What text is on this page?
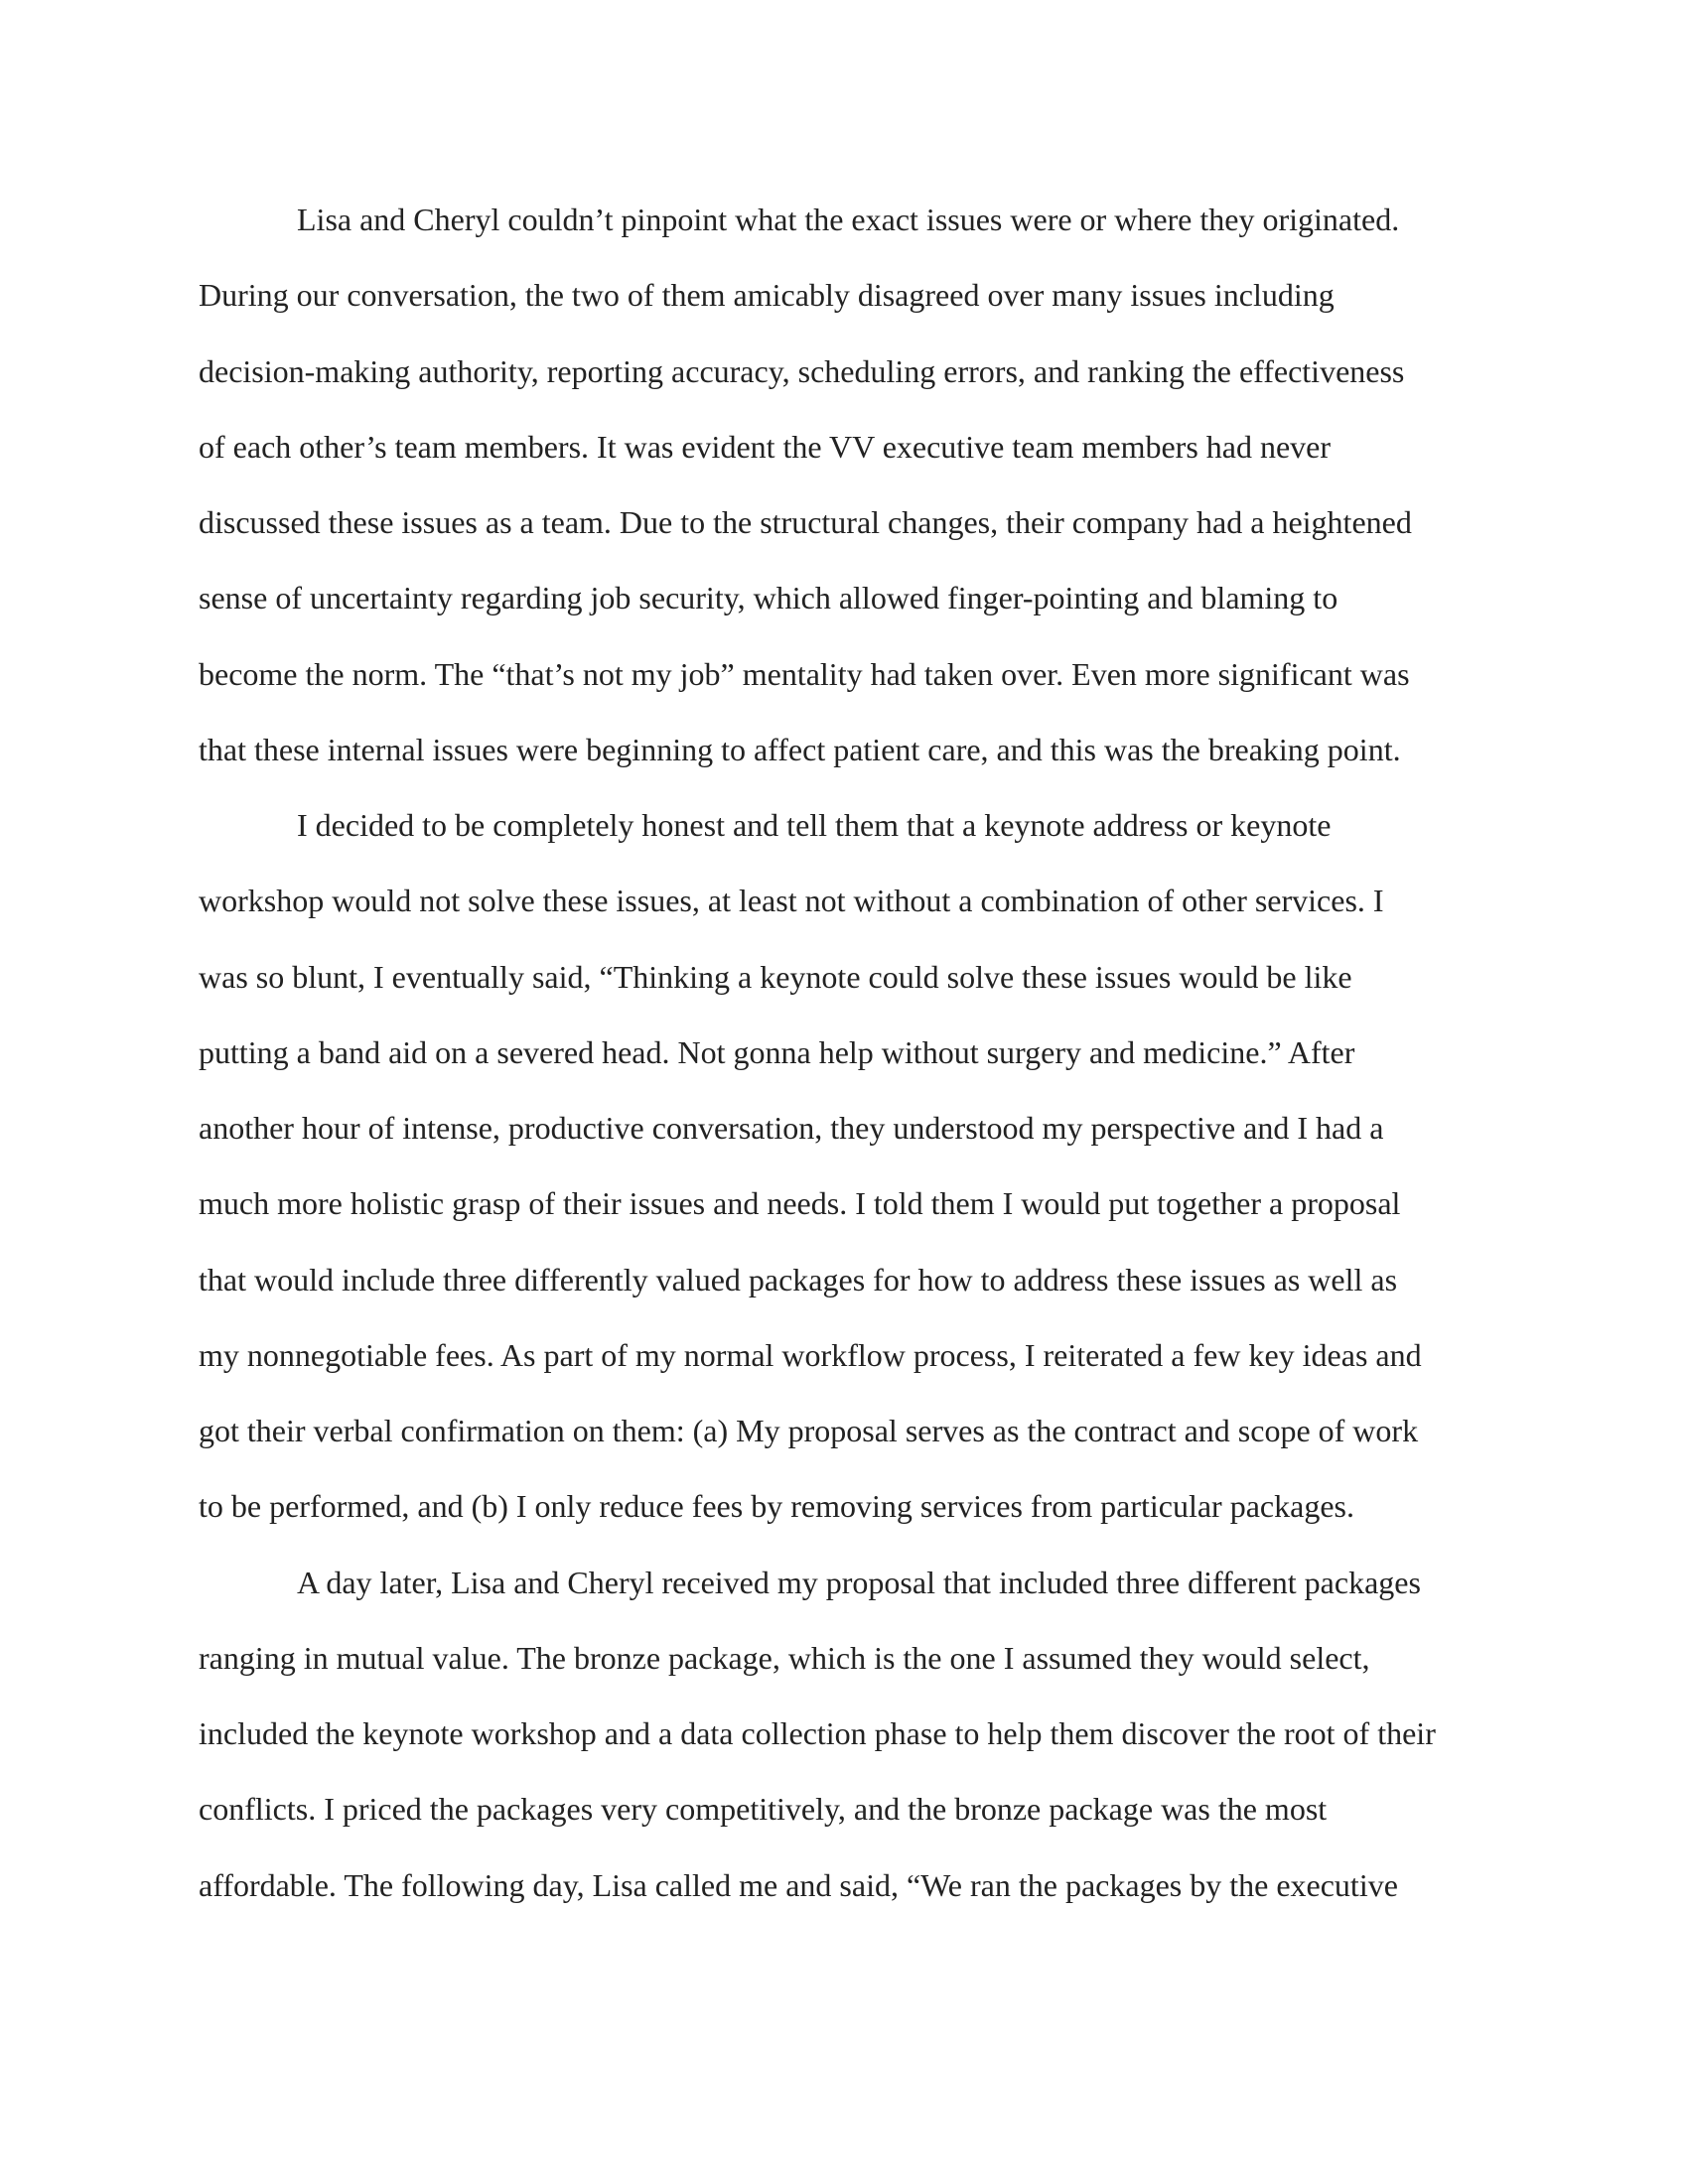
Lisa and Cheryl couldn’t pinpoint what the exact issues were or where they originated.
During our conversation, the two of them amicably disagreed over many issues including
decision-making authority, reporting accuracy, scheduling errors, and ranking the effectiveness
of each other’s team members. It was evident the VV executive team members had never
discussed these issues as a team. Due to the structural changes, their company had a heightened
sense of uncertainty regarding job security, which allowed finger-pointing and blaming to
become the norm. The “that’s not my job” mentality had taken over. Even more significant was
that these internal issues were beginning to affect patient care, and this was the breaking point.
I decided to be completely honest and tell them that a keynote address or keynote
workshop would not solve these issues, at least not without a combination of other services. I
was so blunt, I eventually said, “Thinking a keynote could solve these issues would be like
putting a band aid on a severed head. Not gonna help without surgery and medicine.” After
another hour of intense, productive conversation, they understood my perspective and I had a
much more holistic grasp of their issues and needs. I told them I would put together a proposal
that would include three differently valued packages for how to address these issues as well as
my nonnegotiable fees. As part of my normal workflow process, I reiterated a few key ideas and
got their verbal confirmation on them: (a) My proposal serves as the contract and scope of work
to be performed, and (b) I only reduce fees by removing services from particular packages.
A day later, Lisa and Cheryl received my proposal that included three different packages
ranging in mutual value. The bronze package, which is the one I assumed they would select,
included the keynote workshop and a data collection phase to help them discover the root of their
conflicts. I priced the packages very competitively, and the bronze package was the most
affordable. The following day, Lisa called me and said, “We ran the packages by the executive
